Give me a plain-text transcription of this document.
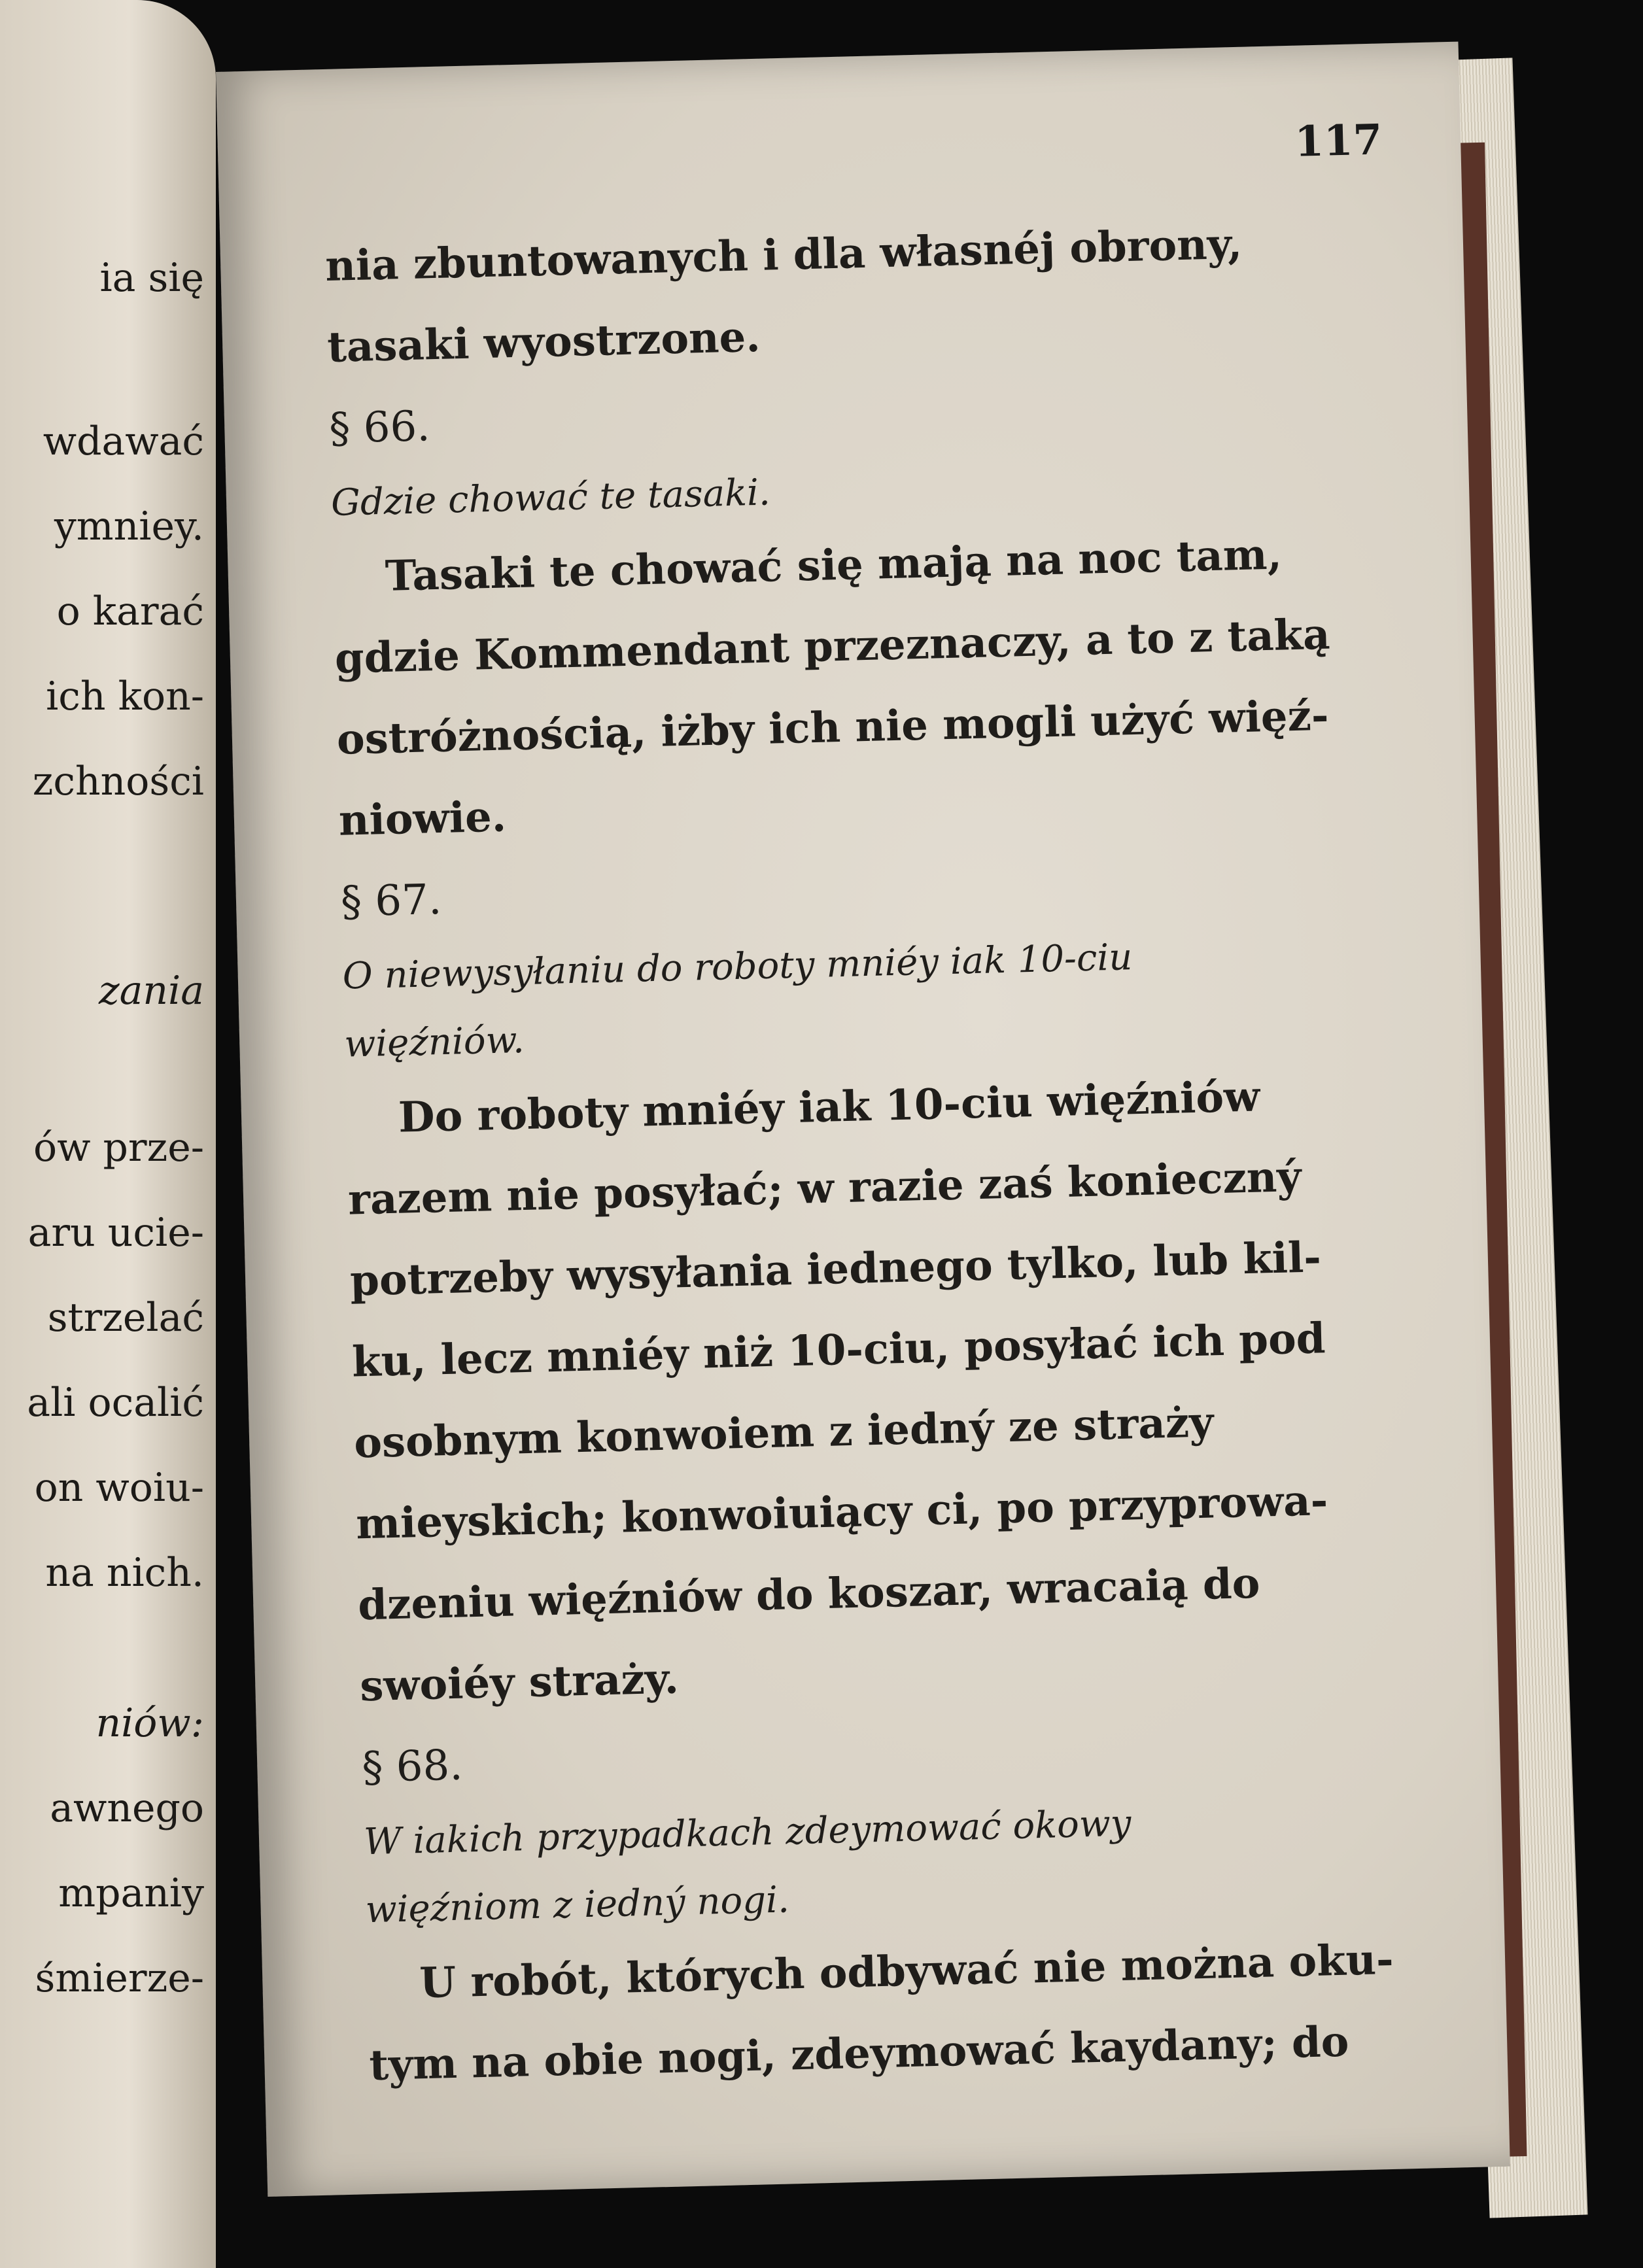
ia się
wdawać
ymniey.
o karać
ich kon-
zchności
zania
ów prze-
aru ucie-
strzelać
ali ocalić
on woiu-
na nich.
niów:
awnego
mpaniy
śmierze-
117

nia zbuntowanych i dla własnéj obrony,

tasaki wyostrzone.

§ 66.

Gdzie chować te tasaki.

Tasaki te chować się mają na noc tam,

gdzie Kommendant przeznaczy, a to z taką

ostróżnością, iżby ich nie mogli użyć więź-

niowie.

§ 67.

O niewysyłaniu do roboty mniéy iak 10-ciu

więźniów.

Do roboty mniéy iak 10-ciu więźniów

razem nie posyłać; w razie zaś konieczný

potrzeby wysyłania iednego tylko, lub kil-

ku, lecz mniéy niż 10-ciu, posyłać ich pod

osobnym konwoiem z iedný ze straży

mieyskich; konwoiuiący ci, po przyprowa-

dzeniu więźniów do koszar, wracaią do

swoiéy straży.

§ 68.

W iakich przypadkach zdeymować okowy

więźniom z iedný nogi.

U robót, których odbywać nie można oku-

tym na obie nogi, zdeymować kaydany; do
